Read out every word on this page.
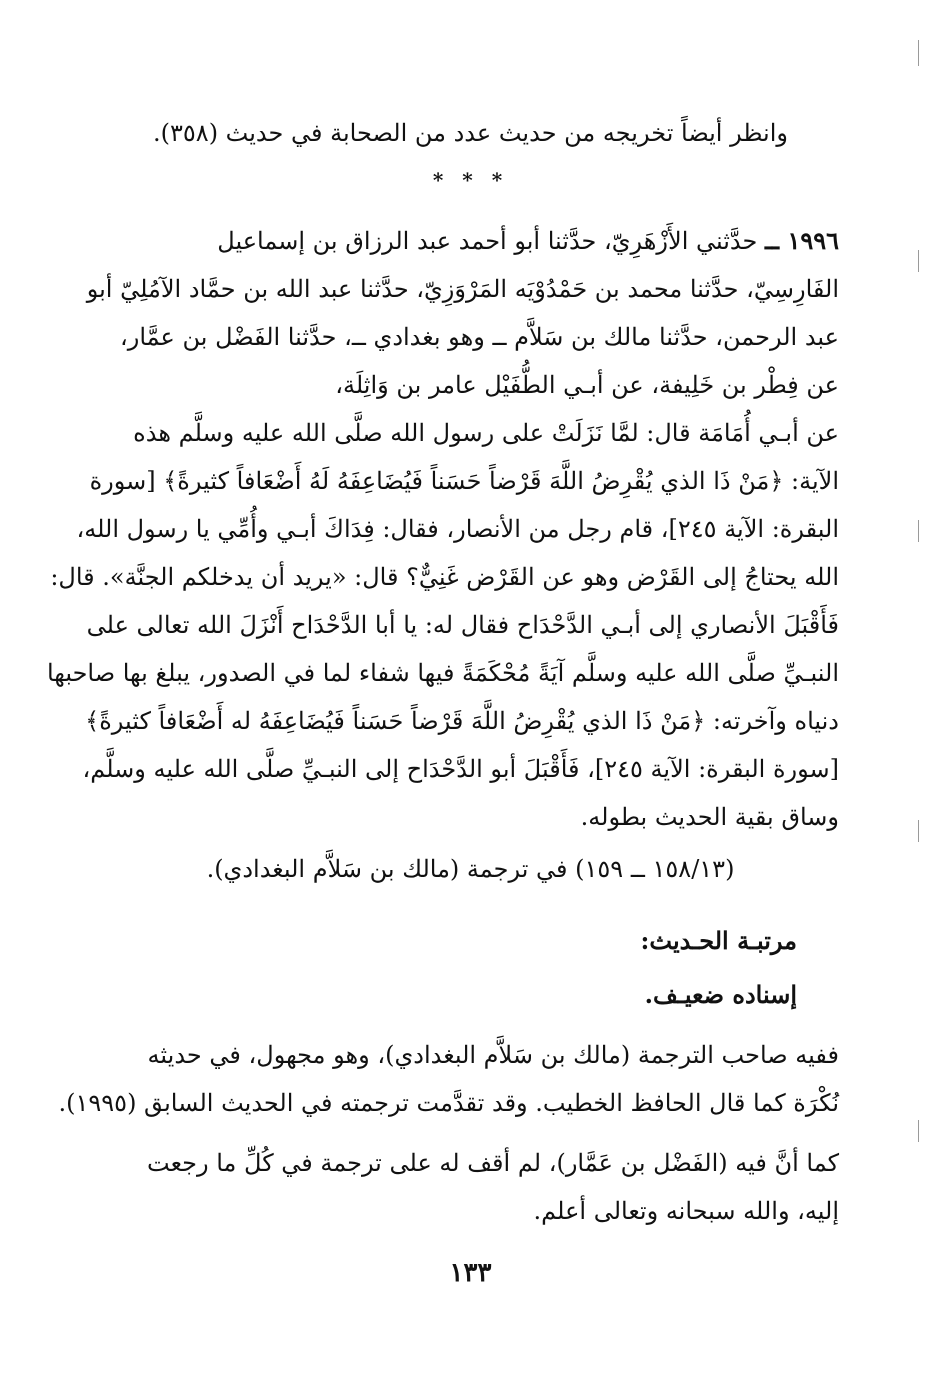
وانظر أيضاً تخريجه من حديث عدد من الصحابة في حديث (٣٥٨).
* * *
١٩٩٦ ــ حدَّثني الأَزْهَرِيّ، حدَّثنا أبو أحمد عبد الرزاق بن إسماعيل
الفَارِسِيّ، حدَّثنا محمد بن حَمْدُوْيَه المَرْوَزِيّ، حدَّثنا عبد الله بن حمَّاد الآمُلِيّ أبو
عبد الرحمن، حدَّثنا مالك بن سَلاَّم ــ وهو بغدادي ــ، حدَّثنا الفَضْل بن عمَّار،
عن فِطْر بن خَلِيفة، عن أبـي الطُّفَيْل عامر بن وَاثِلَة،
عن أبـي أُمَامَة قال: لمَّا نَزَلَتْ على رسول الله صلَّى الله عليه وسلَّم هذه
الآية: ﴿مَنْ ذَا الذي يُقْرِضُ اللَّهَ قَرْضاً حَسَناً فَيُضَاعِفَهُ لَهُ أَضْعَافاً كثيرةً﴾ [سورة
البقرة: الآية ٢٤٥]، قام رجل من الأنصار، فقال: فِدَاكَ أبـي وأُمِّي يا رسول الله،
الله يحتاجُ إلى القَرْض وهو عن القَرْض غَنِيٌّ؟ قال: «يريد أن يدخلكم الجنَّة». قال:
فَأَقْبَلَ الأنصاري إلى أبـي الدَّحْدَاح فقال له: يا أبا الدَّحْدَاح أَنْزَلَ الله تعالى على
النبـيِّ صلَّى الله عليه وسلَّم آيَةً مُحْكَمَةً فيها شفاء لما في الصدور، يبلغ بها صاحبها
دنياه وآخرته: ﴿مَنْ ذَا الذي يُقْرِضُ اللَّهَ قَرْضاً حَسَناً فَيُضَاعِفَهُ له أَضْعَافاً كثيرةً﴾
[سورة البقرة: الآية ٢٤٥]، فَأَقْبَلَ أبو الدَّحْدَاح إلى النبـيِّ صلَّى الله عليه وسلَّم،
وساق بقية الحديث بطوله.
(١٥٨/١٣ ــ ١٥٩) في ترجمة (مالك بن سَلاَّم البغدادي).
مرتبـة الحـديث:
إسناده ضعيـف.
ففيه صاحب الترجمة (مالك بن سَلاَّم البغدادي)، وهو مجهول، في حديثه
نُكْرَة كما قال الحافظ الخطيب. وقد تقدَّمت ترجمته في الحديث السابق (١٩٩٥).
كما أنَّ فيه (الفَضْل بن عَمَّار)، لم أقف له على ترجمة في كُلِّ ما رجعت
إليه، والله سبحانه وتعالى أعلم.
١٣٣
